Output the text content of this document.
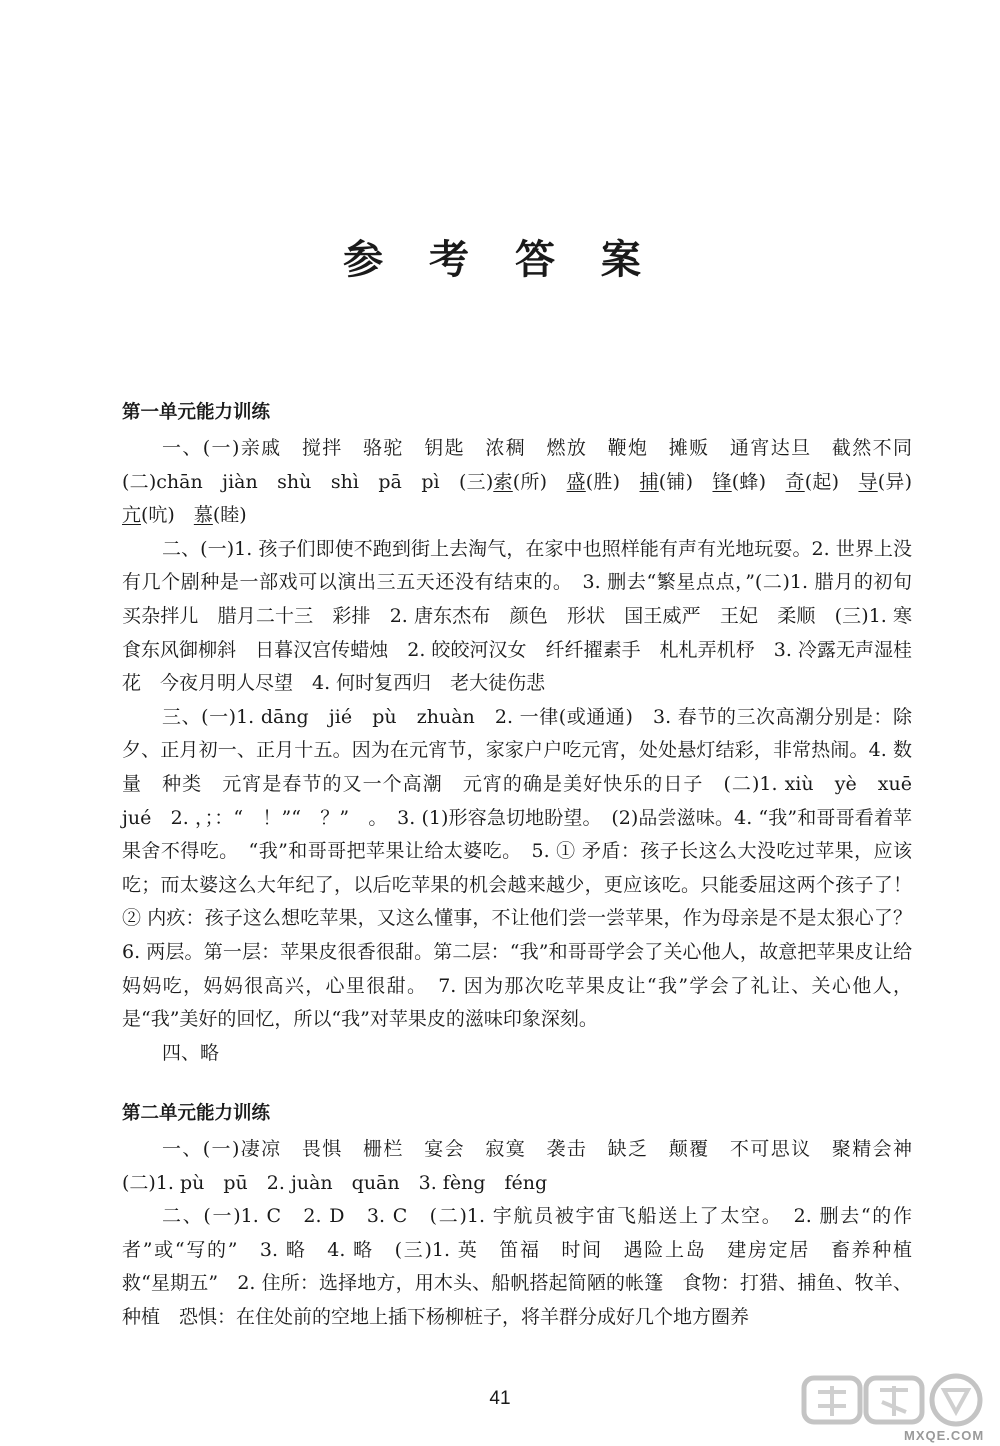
参 考 答 案
第一单元能力训练

一、(一)亲戚　搅拌　骆驼　钥匙　浓稠　燃放　鞭炮　摊贩　通宵达旦　截然不同　(二)chān　jiàn　shù　shì　pā　pì　(三)索(所)　盛(胜)　捕(铺)　锋(蜂)　奇(起)　导(异)　亢(吭)　慕(睦)

二、(一)1. 孩子们即使不跑到街上去淘气，在家中也照样能有声有光地玩耍。2. 世界上没有几个剧种是一部戏可以演出三五天还没有结束的。　3. 删去“繁星点点，”(二)1. 腊月的初旬　买杂拌儿　腊月二十三　彩排　2. 唐东杰布　颜色　形状　国王威严　王妃　柔顺　(三)1. 寒食东风御柳斜　日暮汉宫传蜡烛　2. 皎皎河汉女　纤纤擢素手　札札弄机杼　3. 冷露无声湿桂花　今夜月明人尽望　4. 何时复西归　老大徒伤悲

三、(一)1. dāng　jié　pù　zhuàn　2. 一律(或通通)　3. 春节的三次高潮分别是：除夕、正月初一、正月十五。因为在元宵节，家家户户吃元宵，处处悬灯结彩，非常热闹。4. 数量　种类　元宵是春节的又一个高潮　元宵的确是美好快乐的日子　(二)1. xiù　yè　xuē　jué　2. ，；：“　！”“　？”　。　3. (1)形容急切地盼望。　(2)品尝滋味。4. “我”和哥哥看着苹果舍不得吃。　“我”和哥哥把苹果让给太婆吃。　5. ① 矛盾：孩子长这么大没吃过苹果，应该吃；而太婆这么大年纪了，以后吃苹果的机会越来越少，更应该吃。只能委屈这两个孩子了！② 内疚：孩子这么想吃苹果，又这么懂事，不让他们尝一尝苹果，作为母亲是不是太狠心了？　6. 两层。第一层：苹果皮很香很甜。第二层：“我”和哥哥学会了关心他人，故意把苹果皮让给妈妈吃，妈妈很高兴，心里很甜。　7. 因为那次吃苹果皮让“我”学会了礼让、关心他人，是“我”美好的回忆，所以“我”对苹果皮的滋味印象深刻。

四、略

第二单元能力训练

一、(一)凄凉　畏惧　栅栏　宴会　寂寞　袭击　缺乏　颠覆　不可思议　聚精会神　(二)1. pù　pū　2. juàn　quān　3. fèng　féng

二、(一)1. C　2. D　3. C　(二)1. 宇航员被宇宙飞船送上了太空。　2. 删去“的作者”或“写的”　3. 略　4. 略　(三)1. 英　笛福　时间　遇险上岛　建房定居　畜养种植　救“星期五”　2. 住所：选择地方，用木头、船帆搭起简陋的帐篷　食物：打猎、捕鱼、牧羊、种植　恐惧：在住处前的空地上插下杨柳桩子，将羊群分成好几个地方圈养

41
MXQE.COM
